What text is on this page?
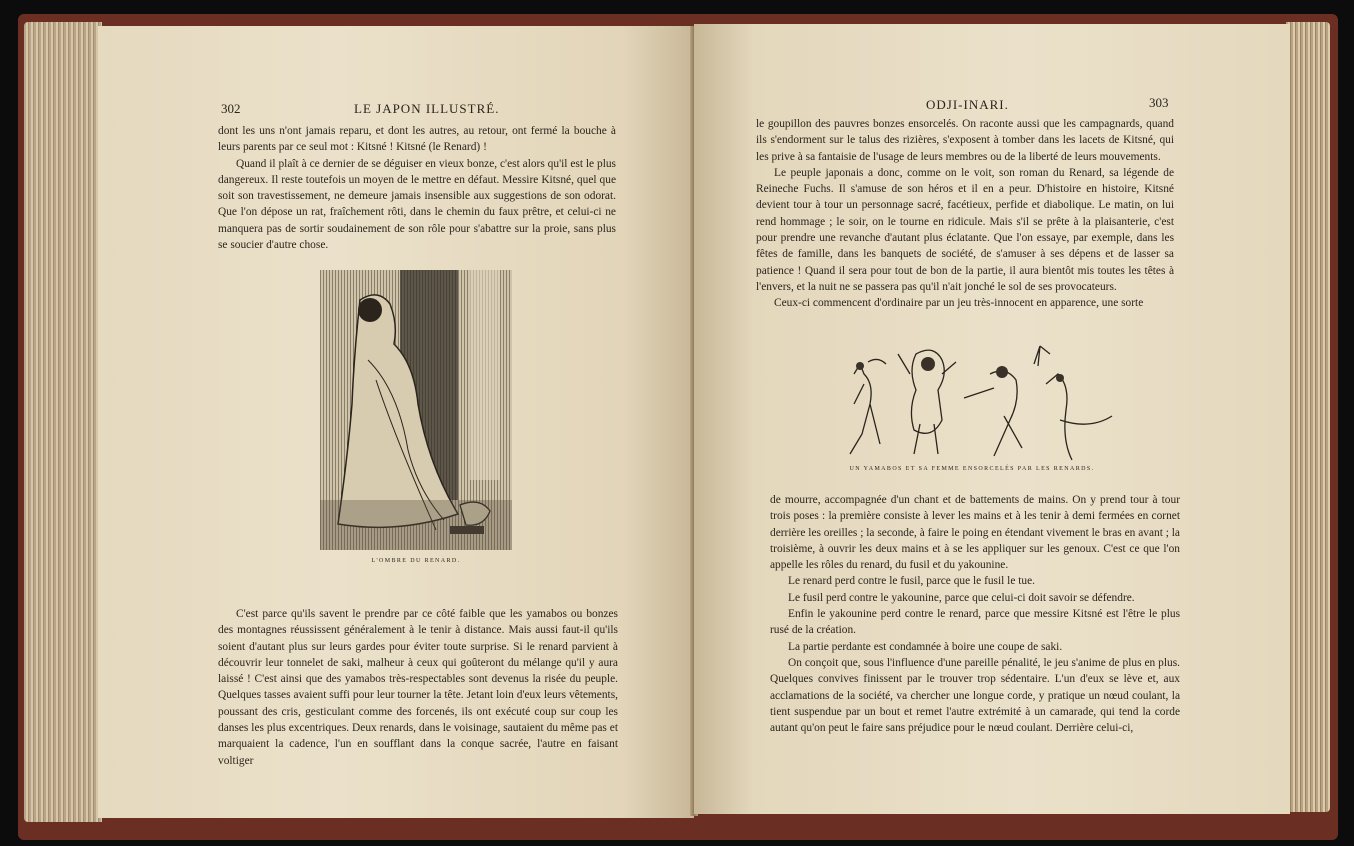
302	LE JAPON ILLUSTRÉ.

dont les uns n'ont jamais reparu, et dont les autres, au retour, ont fermé la bouche à leurs parents par ce seul mot : Kitsné ! Kitsné (le Renard) !

Quand il plaît à ce dernier de se déguiser en vieux bonze, c'est alors qu'il est le plus dangereux. Il reste toutefois un moyen de le mettre en défaut. Messire Kitsné, quel que soit son travestissement, ne demeure jamais insensible aux suggestions de son odorat. Que l'on dépose un rat, fraîchement rôti, dans le chemin du faux prêtre, et celui-ci ne manquera pas de sortir soudainement de son rôle pour s'abattre sur la proie, sans plus se soucier d'autre chose.

L'OMBRE DU RENARD.

C'est parce qu'ils savent le prendre par ce côté faible que les yamabos ou bonzes des montagnes réussissent généralement à le tenir à distance. Mais aussi faut-il qu'ils soient d'autant plus sur leurs gardes pour éviter toute surprise. Si le renard parvient à découvrir leur tonnelet de saki, malheur à ceux qui goûteront du mélange qu'il y aura laissé ! C'est ainsi que des yamabos très-respectables sont devenus la risée du peuple. Quelques tasses avaient suffi pour leur tourner la tête. Jetant loin d'eux leurs vêtements, poussant des cris, gesticulant comme des forcenés, ils ont exécuté coup sur coup les danses les plus excentriques. Deux renards, dans le voisinage, sautaient du même pas et marquaient la cadence, l'un en soufflant dans la conque sacrée, l'autre en faisant voltiger

ODJI-INARI.	303

le goupillon des pauvres bonzes ensorcelés. On raconte aussi que les campagnards, quand ils s'endorment sur le talus des rizières, s'exposent à tomber dans les lacets de Kitsné, qui les prive à sa fantaisie de l'usage de leurs membres ou de la liberté de leurs mouvements.

Le peuple japonais a donc, comme on le voit, son roman du Renard, sa légende de Reineche Fuchs. Il s'amuse de son héros et il en a peur. D'histoire en histoire, Kitsné devient tour à tour un personnage sacré, facétieux, perfide et diabolique. Le matin, on lui rend hommage ; le soir, on le tourne en ridicule. Mais s'il se prête à la plaisanterie, c'est pour prendre une revanche d'autant plus éclatante. Que l'on essaye, par exemple, dans les fêtes de famille, dans les banquets de société, de s'amuser à ses dépens et de lasser sa patience ! Quand il sera pour tout de bon de la partie, il aura bientôt mis toutes les têtes à l'envers, et la nuit ne se passera pas qu'il n'ait jonché le sol de ses provocateurs.

Ceux-ci commencent d'ordinaire par un jeu très-innocent en apparence, une sorte

UN YAMABOS ET SA FEMME ENSORCELÉS PAR LES RENARDS.

de mourre, accompagnée d'un chant et de battements de mains. On y prend tour à tour trois poses : la première consiste à lever les mains et à les tenir à demi fermées en cornet derrière les oreilles ; la seconde, à faire le poing en étendant vivement le bras en avant ; la troisième, à ouvrir les deux mains et à se les appliquer sur les genoux. C'est ce que l'on appelle les rôles du renard, du fusil et du yakounine.

Le renard perd contre le fusil, parce que le fusil le tue.

Le fusil perd contre le yakounine, parce que celui-ci doit savoir se défendre.

Enfin le yakounine perd contre le renard, parce que messire Kitsné est l'être le plus rusé de la création.

La partie perdante est condamnée à boire une coupe de saki.

On conçoit que, sous l'influence d'une pareille pénalité, le jeu s'anime de plus en plus. Quelques convives finissent par le trouver trop sédentaire. L'un d'eux se lève et, aux acclamations de la société, va chercher une longue corde, y pratique un nœud coulant, la tient suspendue par un bout et remet l'autre extrémité à un camarade, qui tend la corde autant qu'on peut le faire sans préjudice pour le nœud coulant. Derrière celui-ci,
